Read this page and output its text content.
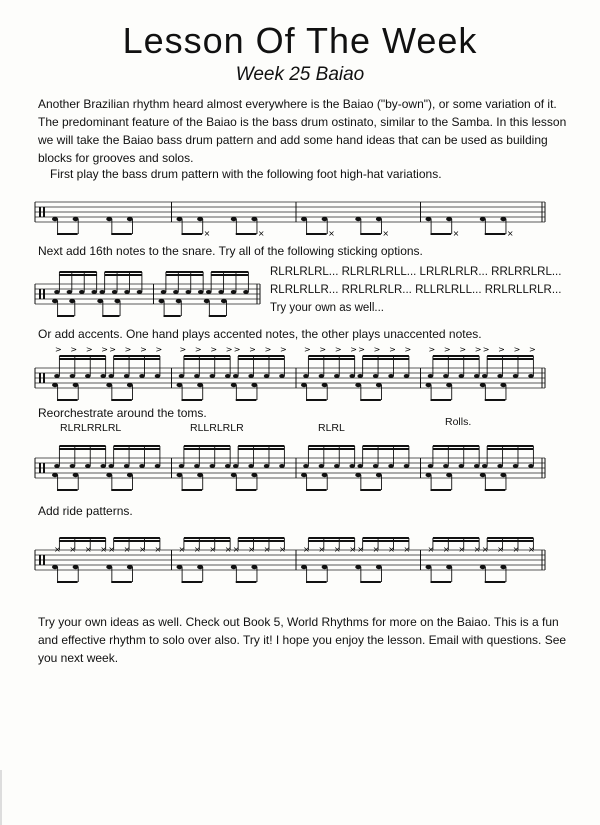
Lesson Of The Week
Week 25 Baiao
Another Brazilian rhythm heard almost everywhere is the Baiao ("by-own"), or some variation of it. The predominant feature of the Baiao is the bass drum ostinato, similar to the Samba. In this lesson we will take the Baiao bass drum pattern and add some hand ideas that can be used as building blocks for grooves and solos.
First play the bass drum pattern with the following foot high-hat variations.
×	×	×	×	×	×
Next add 16th notes to the snare. Try all of the following sticking options.
RLRLRLRL... RLRLRLRLL... LRLRLRLR... RRLRRLRL...
RLRLRLLR... RRLRLRLR... RLLRLRLL... RRLRLLRLR...
Try your own as well...
Or add accents. One hand plays accented notes, the other plays unaccented notes.
> > > > > > > > > > > > > > > > > > > > > > > > > > > > > > > >
Reorchestrate around the toms.
RLRLRRLRL	RLLRLRLR	RLRL	Rolls.
Add ride patterns.
× × × × × × × × × × × × × × × × × × × × × × × × × × × × × × × ×
Try your own ideas as well. Check out Book 5, World Rhythms for more on the Baiao. This is a fun and effective rhythm to solo over also. Try it! I hope you enjoy the lesson. Email with questions. See you next week.
